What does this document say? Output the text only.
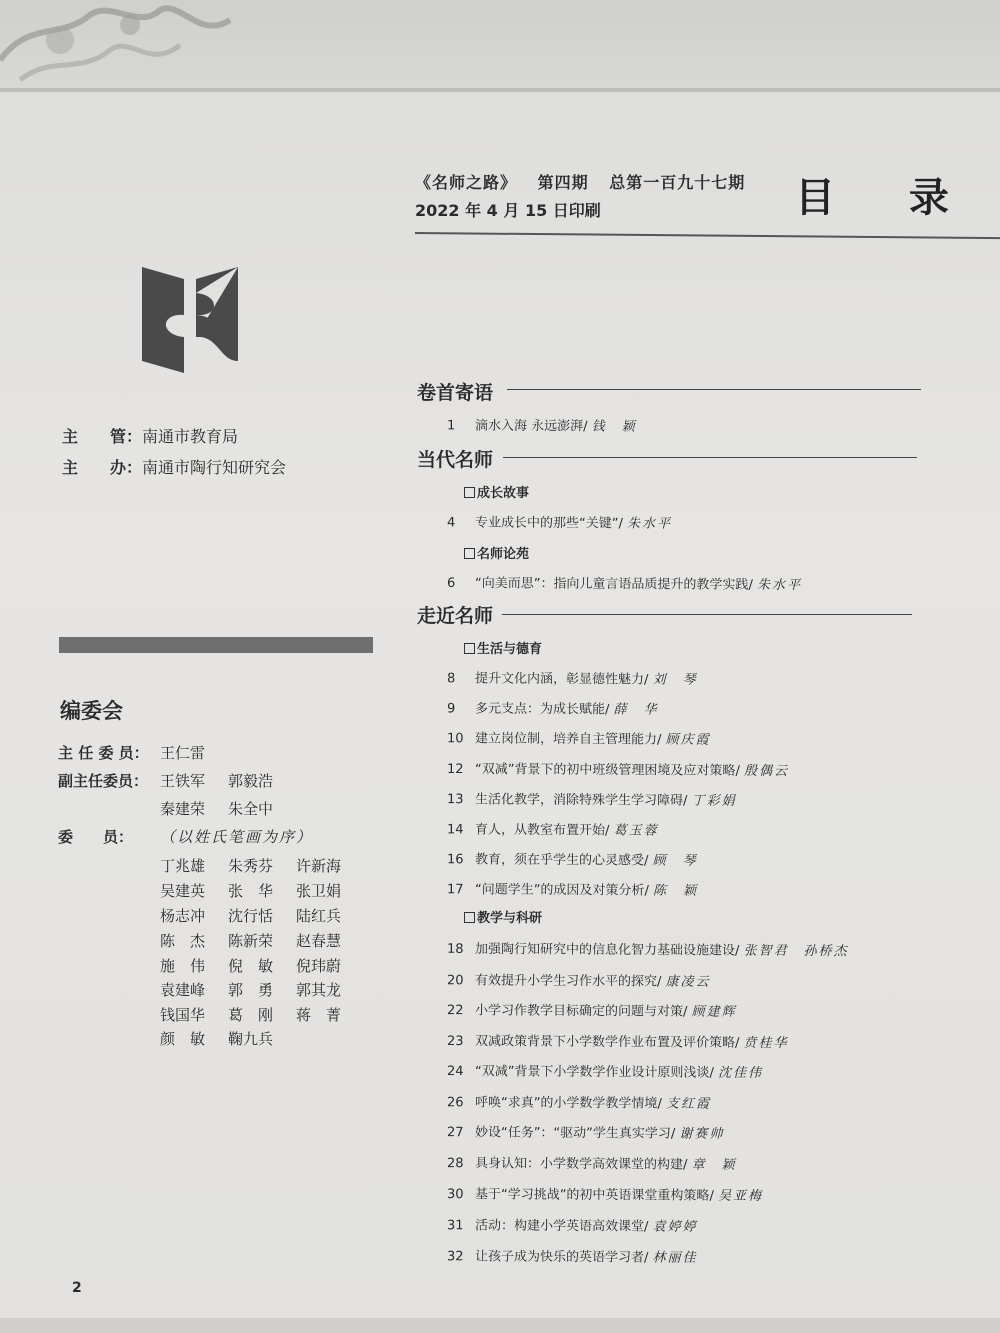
《名师之路》 第四期 总第一百九十七期
2022 年 4 月 15 日印刷	目 录
主　　管：南通市教育局
主　　办：南通市陶行知研究会
编委会
主 任 委 员： 王仁雷
副主任委员： 王铁军 郭毅浩
秦建荣 朱全中
委　　员： （以姓氏笔画为序）
丁兆雄 朱秀芬 许新海
吴建英 张　华 张卫娟
杨志冲 沈行恬 陆红兵
陈　杰 陈新荣 赵春慧
施　伟 倪　敏 倪玮蔚
袁建峰 郭　勇 郭其龙
钱国华 葛　刚 蒋　菁
颜　敏 鞠九兵
卷首寄语
当代名师
走近名师
成长故事
名师论苑
生活与德育
教学与科研
1 滴水入海 永远澎湃/ 钱　颖
4 专业成长中的那些“关键”/ 朱水平
6 “向美而思”：指向儿童言语品质提升的教学实践/ 朱水平
8 提升文化内涵，彰显德性魅力/ 刘　琴
9 多元支点：为成长赋能/ 薛　华
10 建立岗位制，培养自主管理能力/ 顾庆霞
12 “双减”背景下的初中班级管理困境及应对策略/ 殷偶云
13 生活化教学，消除特殊学生学习障碍/ 丁彩娟
14 育人，从教室布置开始/ 葛玉蓉
16 教育，须在乎学生的心灵感受/ 顾　琴
17 “问题学生”的成因及对策分析/ 陈　颖
18 加强陶行知研究中的信息化智力基础设施建设/ 张智君　孙桥杰
20 有效提升小学生习作水平的探究/ 康凌云
22 小学习作教学目标确定的问题与对策/ 顾建辉
23 双减政策背景下小学数学作业布置及评价策略/ 贲桂华
24 “双减”背景下小学数学作业设计原则浅谈/ 沈佳伟
26 呼唤“求真”的小学数学教学情境/ 支红霞
27 妙设“任务”：“驱动”学生真实学习/ 谢赛帅
28 具身认知：小学数学高效课堂的构建/ 章　颖
30 基于“学习挑战”的初中英语课堂重构策略/ 吴亚梅
31 活动：构建小学英语高效课堂/ 袁婷婷
32 让孩子成为快乐的英语学习者/ 林丽佳
2
